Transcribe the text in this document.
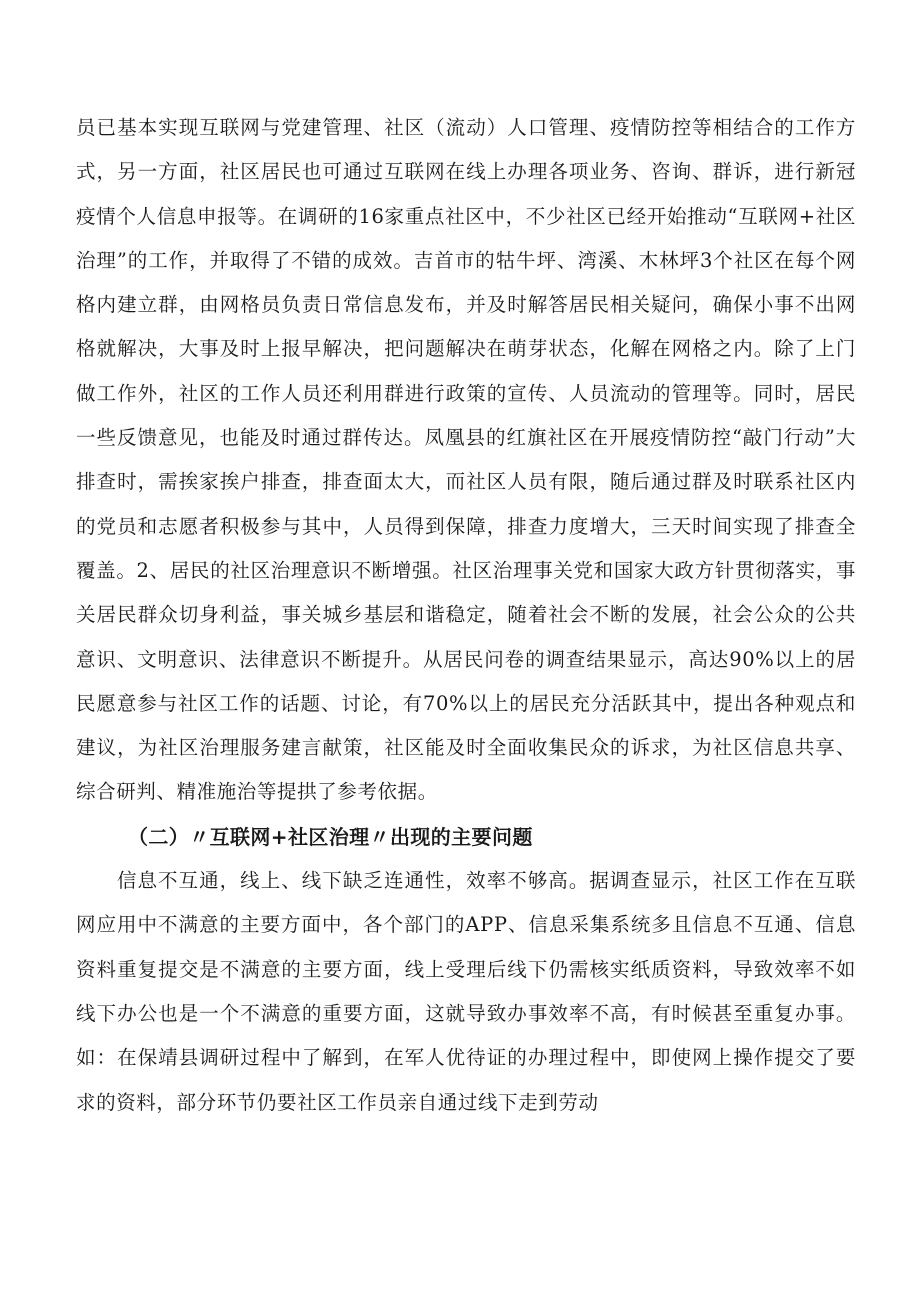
员已基本实现互联网与党建管理、社区（流动）人口管理、疫情防控等相结合的工作方式，另一方面，社区居民也可通过互联网在线上办理各项业务、咨询、群诉，进行新冠疫情个人信息申报等。在调研的16家重点社区中，不少社区已经开始推动“互联网+社区治理”的工作，并取得了不错的成效。吉首市的牯牛坪、湾溪、木林坪3个社区在每个网格内建立群，由网格员负责日常信息发布，并及时解答居民相关疑问，确保小事不出网格就解决，大事及时上报早解决，把问题解决在萌芽状态，化解在网格之内。除了上门做工作外，社区的工作人员还利用群进行政策的宣传、人员流动的管理等。同时，居民一些反馈意见，也能及时通过群传达。凤凰县的红旗社区在开展疫情防控“敲门行动”大排查时，需挨家挨户排查，排查面太大，而社区人员有限，随后通过群及时联系社区内的党员和志愿者积极参与其中，人员得到保障，排查力度增大，三天时间实现了排查全覆盖。2、居民的社区治理意识不断增强。社区治理事关党和国家大政方针贯彻落实，事关居民群众切身利益，事关城乡基层和谐稳定，随着社会不断的发展，社会公众的公共意识、文明意识、法律意识不断提升。从居民问卷的调查结果显示，高达90%以上的居民愿意参与社区工作的话题、讨论，有70%以上的居民充分活跃其中，提出各种观点和建议，为社区治理服务建言献策，社区能及时全面收集民众的诉求，为社区信息共享、综合研判、精准施治等提拱了参考依据。

（二）〃互联网+社区治理〃出现的主要问题

信息不互通，线上、线下缺乏连通性，效率不够高。据调查显示，社区工作在互联网应用中不满意的主要方面中，各个部门的APP、信息采集系统多且信息不互通、信息资料重复提交是不满意的主要方面，线上受理后线下仍需核实纸质资料，导致效率不如线下办公也是一个不满意的重要方面，这就导致办事效率不高，有时候甚至重复办事。如：在保靖县调研过程中了解到，在军人优待证的办理过程中，即使网上操作提交了要求的资料，部分环节仍要社区工作员亲自通过线下走到劳动
